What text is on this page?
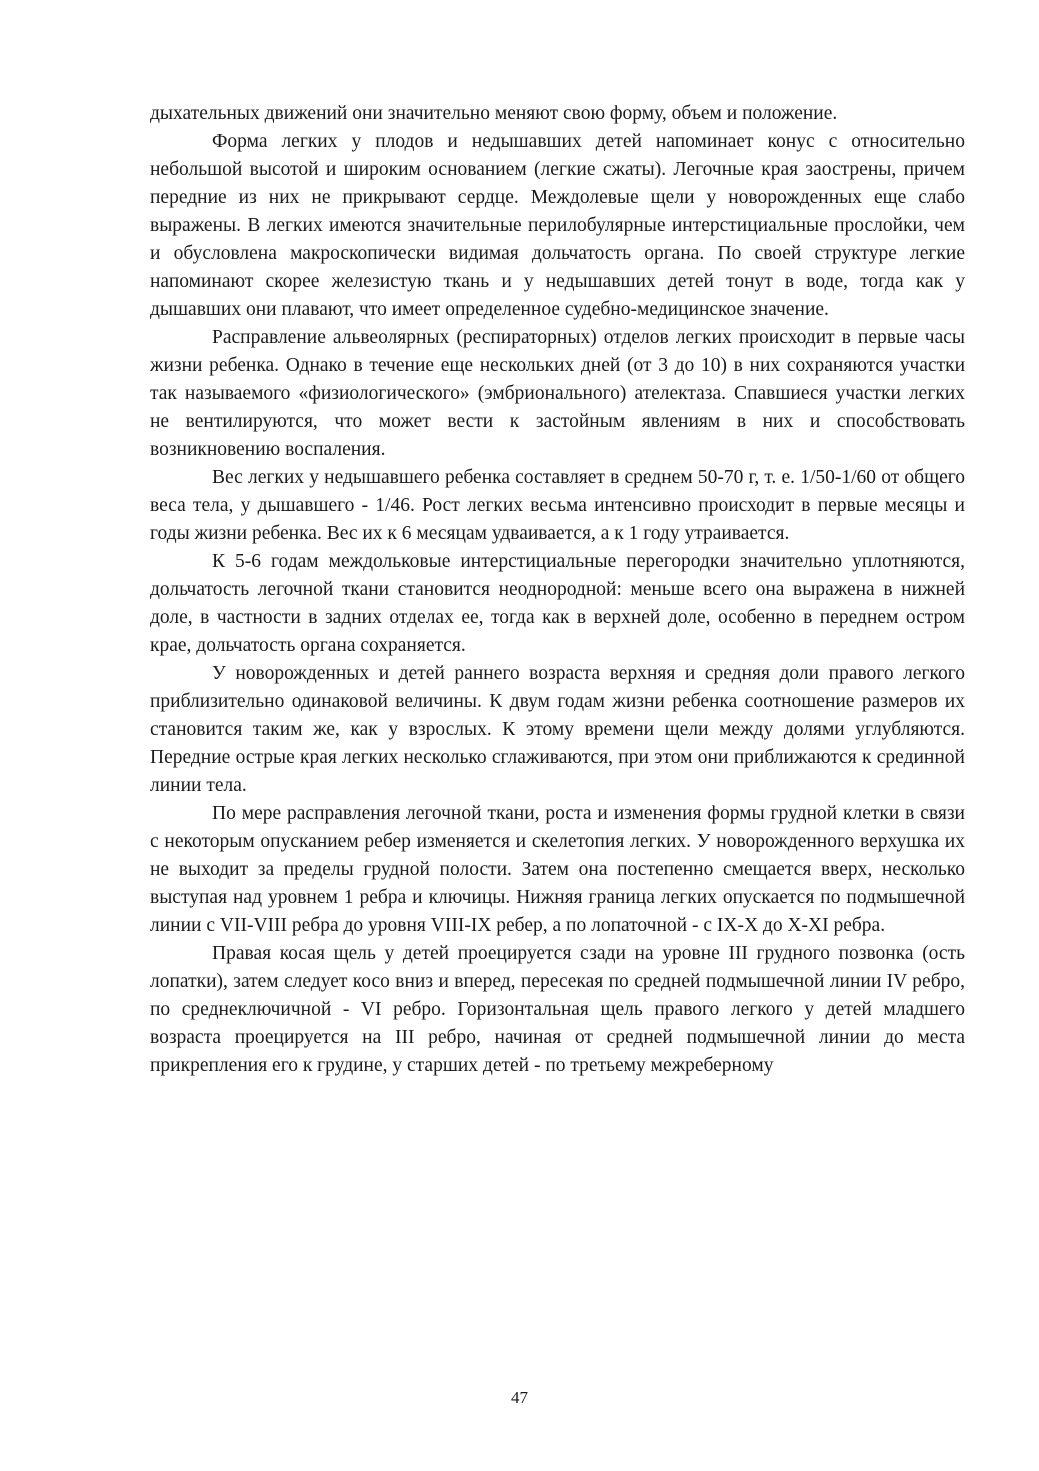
дыхательных движений они значительно меняют свою форму, объем и положение.

Форма легких у плодов и недышавших детей напоминает конус с относительно небольшой высотой и широким основанием (легкие сжаты). Легочные края заострены, причем передние из них не прикрывают сердце. Междолевые щели у новорожденных еще слабо выражены. В легких имеются значительные перилобулярные интерстициальные прослойки, чем и обусловлена макроскопически видимая дольчатость органа. По своей структуре легкие напоминают скорее железистую ткань и у недышавших детей тонут в воде, тогда как у дышавших они плавают, что имеет определенное судебно-медицинское значение.

Расправление альвеолярных (респираторных) отделов легких происходит в первые часы жизни ребенка. Однако в течение еще нескольких дней (от 3 до 10) в них сохраняются участки так называемого «физиологического» (эмбрионального) ателектаза. Спавшиеся участки легких не вентилируются, что может вести к застойным явлениям в них и способствовать возникновению воспаления.

Вес легких у недышавшего ребенка составляет в среднем 50-70 г, т. е. 1/50-1/60 от общего веса тела, у дышавшего - 1/46. Рост легких весьма интенсивно происходит в первые месяцы и годы жизни ребенка. Вес их к 6 месяцам удваивается, а к 1 году утраивается.

К 5-6 годам междольковые интерстициальные перегородки значительно уплотняются, дольчатость легочной ткани становится неоднородной: меньше всего она выражена в нижней доле, в частности в задних отделах ее, тогда как в верхней доле, особенно в переднем остром крае, дольчатость органа сохраняется.

У новорожденных и детей раннего возраста верхняя и средняя доли правого легкого приблизительно одинаковой величины. К двум годам жизни ребенка соотношение размеров их становится таким же, как у взрослых. К этому времени щели между долями углубляются. Передние острые края легких несколько сглаживаются, при этом они приближаются к срединной линии тела.

По мере расправления легочной ткани, роста и изменения формы грудной клетки в связи с некоторым опусканием ребер изменяется и скелетопия легких. У новорожденного верхушка их не выходит за пределы грудной полости. Затем она постепенно смещается вверх, несколько выступая над уровнем 1 ребра и ключицы. Нижняя граница легких опускается по подмышечной линии с VII-VIII ребра до уровня VIII-IX ребер, а по лопаточной - с IX-X до X-XI ребра.

Правая косая щель у детей проецируется сзади на уровне III грудного позвонка (ость лопатки), затем следует косо вниз и вперед, пересекая по средней подмышечной линии IV ребро, по среднеключичной - VI ребро. Горизонтальная щель правого легкого у детей младшего возраста проецируется на III ребро, начиная от средней подмышечной линии до места прикрепления его к грудине, у старших детей - по третьему межреберному

47
